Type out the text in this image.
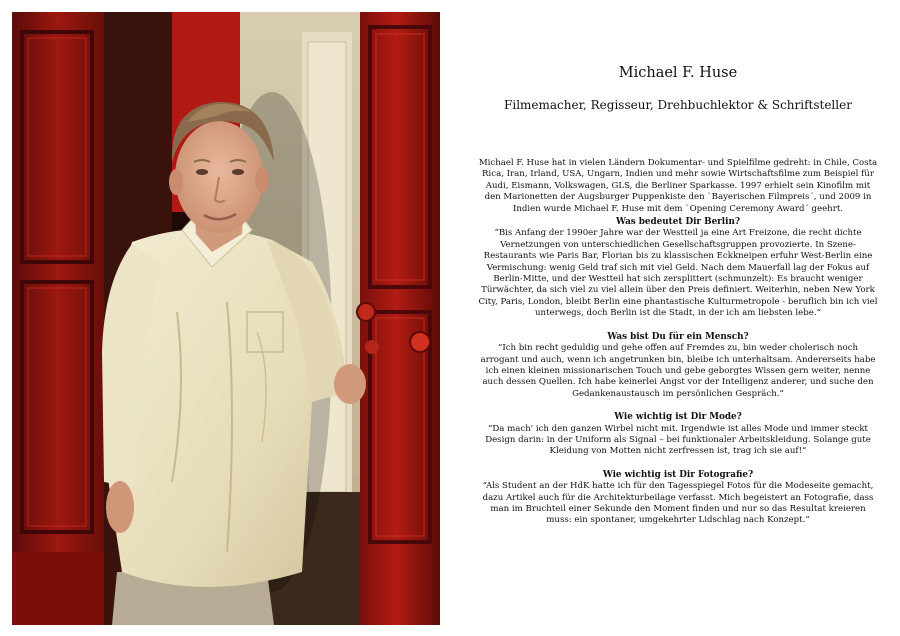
Michael F. Huse
Filmemacher, Regisseur, Drehbuchlektor & Schriftsteller

Michael F. Huse hat in vielen Ländern Dokumentar- und Spielfilme gedreht: in Chile, Costa Rica, Iran, Irland, USA, Ungarn, Indien und mehr sowie Wirtschaftsfilme zum Beispiel für Audi, Eismann, Volkswagen, GLS, die Berliner Sparkasse. 1997 erhielt sein Kinofilm mit den Marionetten der Augsburger Puppenkiste den `Bayerischen Filmpreis´, und 2009 in Indien wurde Michael F. Huse mit dem `Opening Ceremony Award´ geehrt.

Was bedeutet Dir Berlin?

“Bis Anfang der 1990er Jahre war der Westteil ja eine Art Freizone, die recht dichte Vernetzungen von unterschiedlichen Gesellschaftsgruppen provozierte. In Szene-Restaurants wie Paris Bar, Florian bis zu klassischen Eckkneipen erfuhr West-Berlin eine Vermischung: wenig Geld traf sich mit viel Geld. Nach dem Mauerfall lag der Fokus auf Berlin-Mitte, und der Westteil hat sich zersplittert (schmunzelt): Es braucht weniger Türwächter, da sich viel zu viel allein über den Preis definiert. Weiterhin, neben New York City, Paris, London, bleibt Berlin eine phantastische Kulturmetropole - beruflich bin ich viel unterwegs, doch Berlin ist die Stadt, in der ich am liebsten lebe.“

Was bist Du für ein Mensch?

“Ich bin recht geduldig und gehe offen auf Fremdes zu, bin weder cholerisch noch arrogant und auch, wenn ich angetrunken bin, bleibe ich unterhaltsam. Andererseits habe ich einen kleinen missionarischen Touch und gebe geborgtes Wissen gern weiter, nenne auch dessen Quellen. Ich habe keinerlei Angst vor der Intelligenz anderer, und suche den Gedankenaustausch im persönlichen Gespräch.“

Wie wichtig ist Dir Mode?

“Da mach' ich den ganzen Wirbel nicht mit. Irgendwie ist alles Mode und immer steckt Design darin: in der Uniform als Signal – bei funktionaler Arbeitskleidung. Solange gute Kleidung von Motten nicht zerfressen ist, trag ich sie auf!“

Wie wichtig ist Dir Fotografie?

“Als Student an der HdK hatte ich für den Tagesspiegel Fotos für die Modeseite gemacht, dazu Artikel auch für die Architekturbeilage verfasst. Mich begeistert an Fotografie, dass man im Bruchteil einer Sekunde den Moment finden und nur so das Resultat kreieren muss: ein spontaner, umgekehrter Lidschlag nach Konzept.“
